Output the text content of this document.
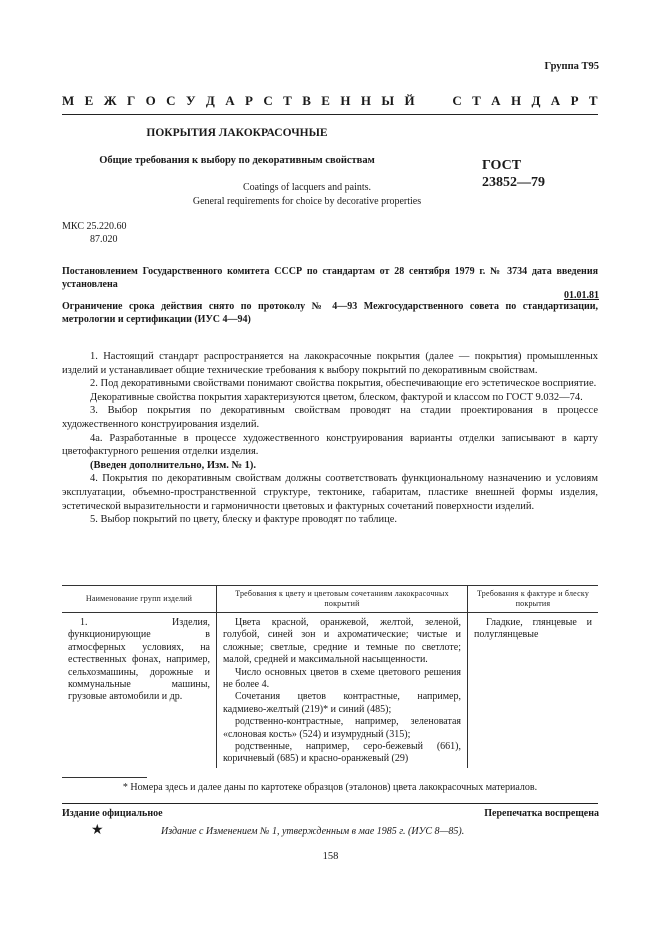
Группа Т95
М Е Ж Г О С У Д А Р С Т В Е Н Н Ы Й

	С Т А Н Д А Р Т
ПОКРЫТИЯ ЛАКОКРАСОЧНЫЕ
Общие требования к выбору по декоративным свойствам	ГОСТ
23852—79
Coatings of lacquers and paints.
General requirements for choice by decorative properties
МКС 25.220.60
87.020
Постановлением Государственного комитета СССР по стандартам от 28 сентября 1979 г. № 3734 дата введения установлена
01.01.81
Ограничение срока действия снято по протоколу № 4—93 Межгосударственного совета по стандартизации, метрологии и сертификации (ИУС 4—94)

1. Настоящий стандарт распространяется на лакокрасочные покрытия (далее — покрытия) промышленных изделий и устанавливает общие технические требования к выбору покрытий по декоративным свойствам.

2. Под декоративными свойствами понимают свойства покрытия, обеспечивающие его эстетическое восприятие.

Декоративные свойства покрытия характеризуются цветом, блеском, фактурой и классом по ГОСТ 9.032—74.

3. Выбор покрытия по декоративным свойствам проводят на стадии проектирования в процессе художественного конструирования изделий.

4а. Разработанные в процессе художественного конструирования варианты отделки записывают в карту цветофактурного решения отделки изделия.

(Введен дополнительно, Изм. № 1).

4. Покрытия по декоративным свойствам должны соответствовать функциональному назначению и условиям эксплуатации, объемно-пространственной структуре, тектонике, габаритам, пластике внешней формы изделия, эстетической выразительности и гармоничности цветовых и фактурных сочетаний поверхности изделий.

5. Выбор покрытий по цвету, блеску и фактуре проводят по таблице.

Наименование групп изделий	Требования к цвету и цветовым сочетаниям лакокрасочных покрытий	Требования к фактуре и блеску покрытия

1. Изделия, функционирующие в атмосферных условиях, на естественных фонах, например, сельхозмашины, дорожные и коммунальные машины, грузовые автомобили и др.	Цвета красной, оранжевой, желтой, зеленой, голубой, синей зон и ахроматические; чистые и сложные; светлые, средние и темные по светлоте; малой, средней и максимальной насыщенности.

Число основных цветов в схеме цветового решения не более 4.

Сочетания цветов контрастные, например, кадмиево-желтый (219)* и синий (485);

родственно-контрастные, например, зеленоватая «слоновая кость» (524) и изумрудный (315);

родственные, например, серо-бежевый (661), коричневый (685) и красно-оранжевый (29)	Гладкие, глянцевые и полуглянцевые

* Номера здесь и далее даны по картотеке образцов (эталонов) цвета лакокрасочных материалов.
Издание официальное	Перепечатка воспрещена
★	Издание с Изменением № 1, утвержденным в мае 1985 г. (ИУС 8—85).
158
